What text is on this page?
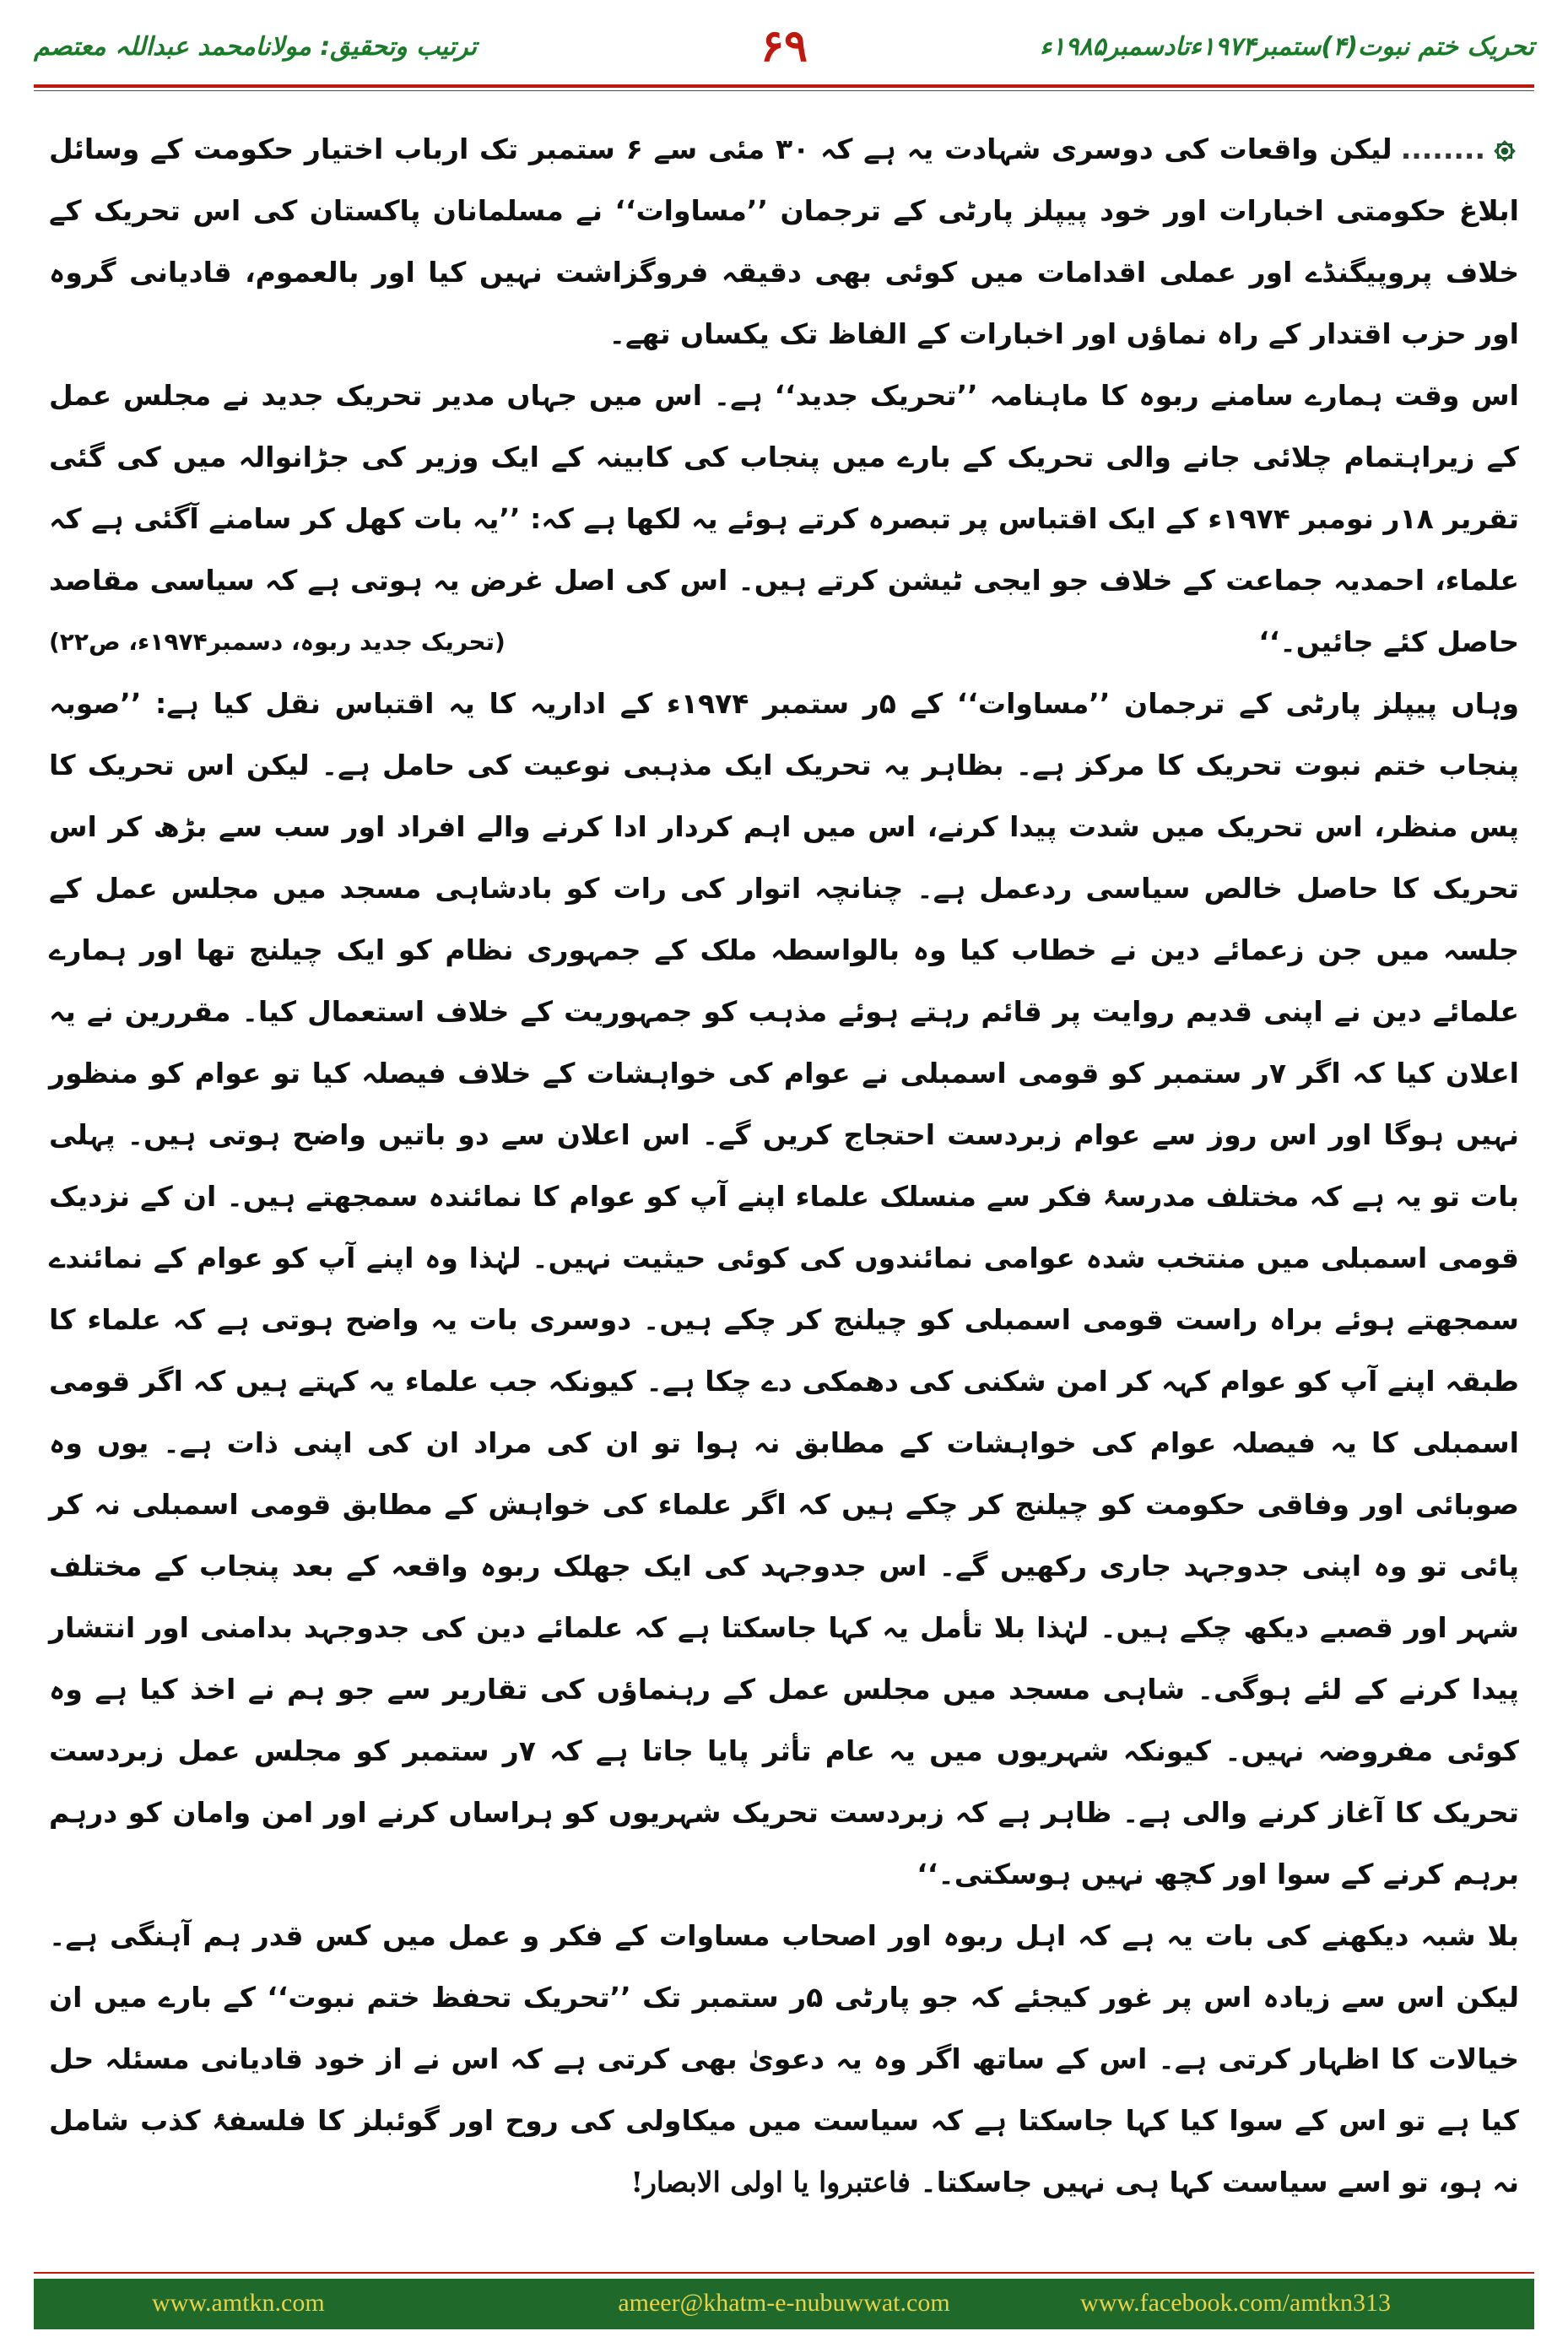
ترتیب وتحقیق: مولانامحمد عبداللہ معتصم	۶۹	تحریک ختم نبوت(۴)ستمبر۱۹۷۴ءتادسمبر۱۹۸۵ء

........لیکن واقعات کی دوسری شہادت یہ ہے کہ ۳۰ مئی سے ۶ ستمبر تک ارباب اختیار حکومت کے وسائل ابلاغ حکومتی اخبارات اور خود پیپلز پارٹی کے ترجمان ’’مساوات‘‘ نے مسلمانان پاکستان کی اس تحریک کے خلاف پروپیگنڈے اور عملی اقدامات میں کوئی بھی دقیقہ فروگزاشت نہیں کیا اور بالعموم، قادیانی گروہ اور حزب اقتدار کے راہ نماؤں اور اخبارات کے الفاظ تک یکساں تھے۔

اس وقت ہمارے سامنے ربوہ کا ماہنامہ ’’تحریک جدید‘‘ ہے۔ اس میں جہاں مدیر تحریک جدید نے مجلس عمل کے زیراہتمام چلائی جانے والی تحریک کے بارے میں پنجاب کی کابینہ کے ایک وزیر کی جڑانوالہ میں کی گئی تقریر ۱۸ر نومبر ۱۹۷۴ء کے ایک اقتباس پر تبصرہ کرتے ہوئے یہ لکھا ہے کہ: ’’یہ بات کھل کر سامنے آگئی ہے کہ علماء، احمدیہ جماعت کے خلاف جو ایجی ٹیشن کرتے ہیں۔ اس کی اصل غرض یہ ہوتی ہے کہ سیاسی مقاصد حاصل کئے جائیں۔‘‘

(تحریک جدید ربوہ، دسمبر۱۹۷۴ء، ص۲۲)

وہاں پیپلز پارٹی کے ترجمان ’’مساوات‘‘ کے ۵ر ستمبر ۱۹۷۴ء کے اداریہ کا یہ اقتباس نقل کیا ہے: ’’صوبہ پنجاب ختم نبوت تحریک کا مرکز ہے۔ بظاہر یہ تحریک ایک مذہبی نوعیت کی حامل ہے۔ لیکن اس تحریک کا پس منظر، اس تحریک میں شدت پیدا کرنے، اس میں اہم کردار ادا کرنے والے افراد اور سب سے بڑھ کر اس تحریک کا حاصل خالص سیاسی ردعمل ہے۔ چنانچہ اتوار کی رات کو بادشاہی مسجد میں مجلس عمل کے جلسہ میں جن زعمائے دین نے خطاب کیا وہ بالواسطہ ملک کے جمہوری نظام کو ایک چیلنج تھا اور ہمارے علمائے دین نے اپنی قدیم روایت پر قائم رہتے ہوئے مذہب کو جمہوریت کے خلاف استعمال کیا۔ مقررین نے یہ اعلان کیا کہ اگر ۷ر ستمبر کو قومی اسمبلی نے عوام کی خواہشات کے خلاف فیصلہ کیا تو عوام کو منظور نہیں ہوگا اور اس روز سے عوام زبردست احتجاج کریں گے۔ اس اعلان سے دو باتیں واضح ہوتی ہیں۔ پہلی بات تو یہ ہے کہ مختلف مدرسۂ فکر سے منسلک علماء اپنے آپ کو عوام کا نمائندہ سمجھتے ہیں۔ ان کے نزدیک قومی اسمبلی میں منتخب شدہ عوامی نمائندوں کی کوئی حیثیت نہیں۔ لہٰذا وہ اپنے آپ کو عوام کے نمائندے سمجھتے ہوئے براہ راست قومی اسمبلی کو چیلنج کر چکے ہیں۔ دوسری بات یہ واضح ہوتی ہے کہ علماء کا طبقہ اپنے آپ کو عوام کہہ کر امن شکنی کی دھمکی دے چکا ہے۔ کیونکہ جب علماء یہ کہتے ہیں کہ اگر قومی اسمبلی کا یہ فیصلہ عوام کی خواہشات کے مطابق نہ ہوا تو ان کی مراد ان کی اپنی ذات ہے۔ یوں وہ صوبائی اور وفاقی حکومت کو چیلنج کر چکے ہیں کہ اگر علماء کی خواہش کے مطابق قومی اسمبلی نہ کر پائی تو وہ اپنی جدوجہد جاری رکھیں گے۔ اس جدوجہد کی ایک جھلک ربوہ واقعہ کے بعد پنجاب کے مختلف شہر اور قصبے دیکھ چکے ہیں۔ لہٰذا بلا تأمل یہ کہا جاسکتا ہے کہ علمائے دین کی جدوجہد بدامنی اور انتشار پیدا کرنے کے لئے ہوگی۔ شاہی مسجد میں مجلس عمل کے رہنماؤں کی تقاریر سے جو ہم نے اخذ کیا ہے وہ کوئی مفروضہ نہیں۔ کیونکہ شہریوں میں یہ عام تأثر پایا جاتا ہے کہ ۷ر ستمبر کو مجلس عمل زبردست تحریک کا آغاز کرنے والی ہے۔ ظاہر ہے کہ زبردست تحریک شہریوں کو ہراساں کرنے اور امن وامان کو درہم برہم کرنے کے سوا اور کچھ نہیں ہوسکتی۔‘‘

بلا شبہ دیکھنے کی بات یہ ہے کہ اہل ربوہ اور اصحاب مساوات کے فکر و عمل میں کس قدر ہم آہنگی ہے۔ لیکن اس سے زیادہ اس پر غور کیجئے کہ جو پارٹی ۵ر ستمبر تک ’’تحریک تحفظ ختم نبوت‘‘ کے بارے میں ان خیالات کا اظہار کرتی ہے۔ اس کے ساتھ اگر وہ یہ دعویٰ بھی کرتی ہے کہ اس نے از خود قادیانی مسئلہ حل کیا ہے تو اس کے سوا کیا کہا جاسکتا ہے کہ سیاست میں میکاولی کی روح اور گوئبلز کا فلسفۂ کذب شامل نہ ہو، تو اسے سیاست کہا ہی نہیں جاسکتا۔ فاعتبروا یا اولی الابصار!

www.amtkn.com	ameer@khatm-e-nubuwwat.com	www.facebook.com/amtkn313
